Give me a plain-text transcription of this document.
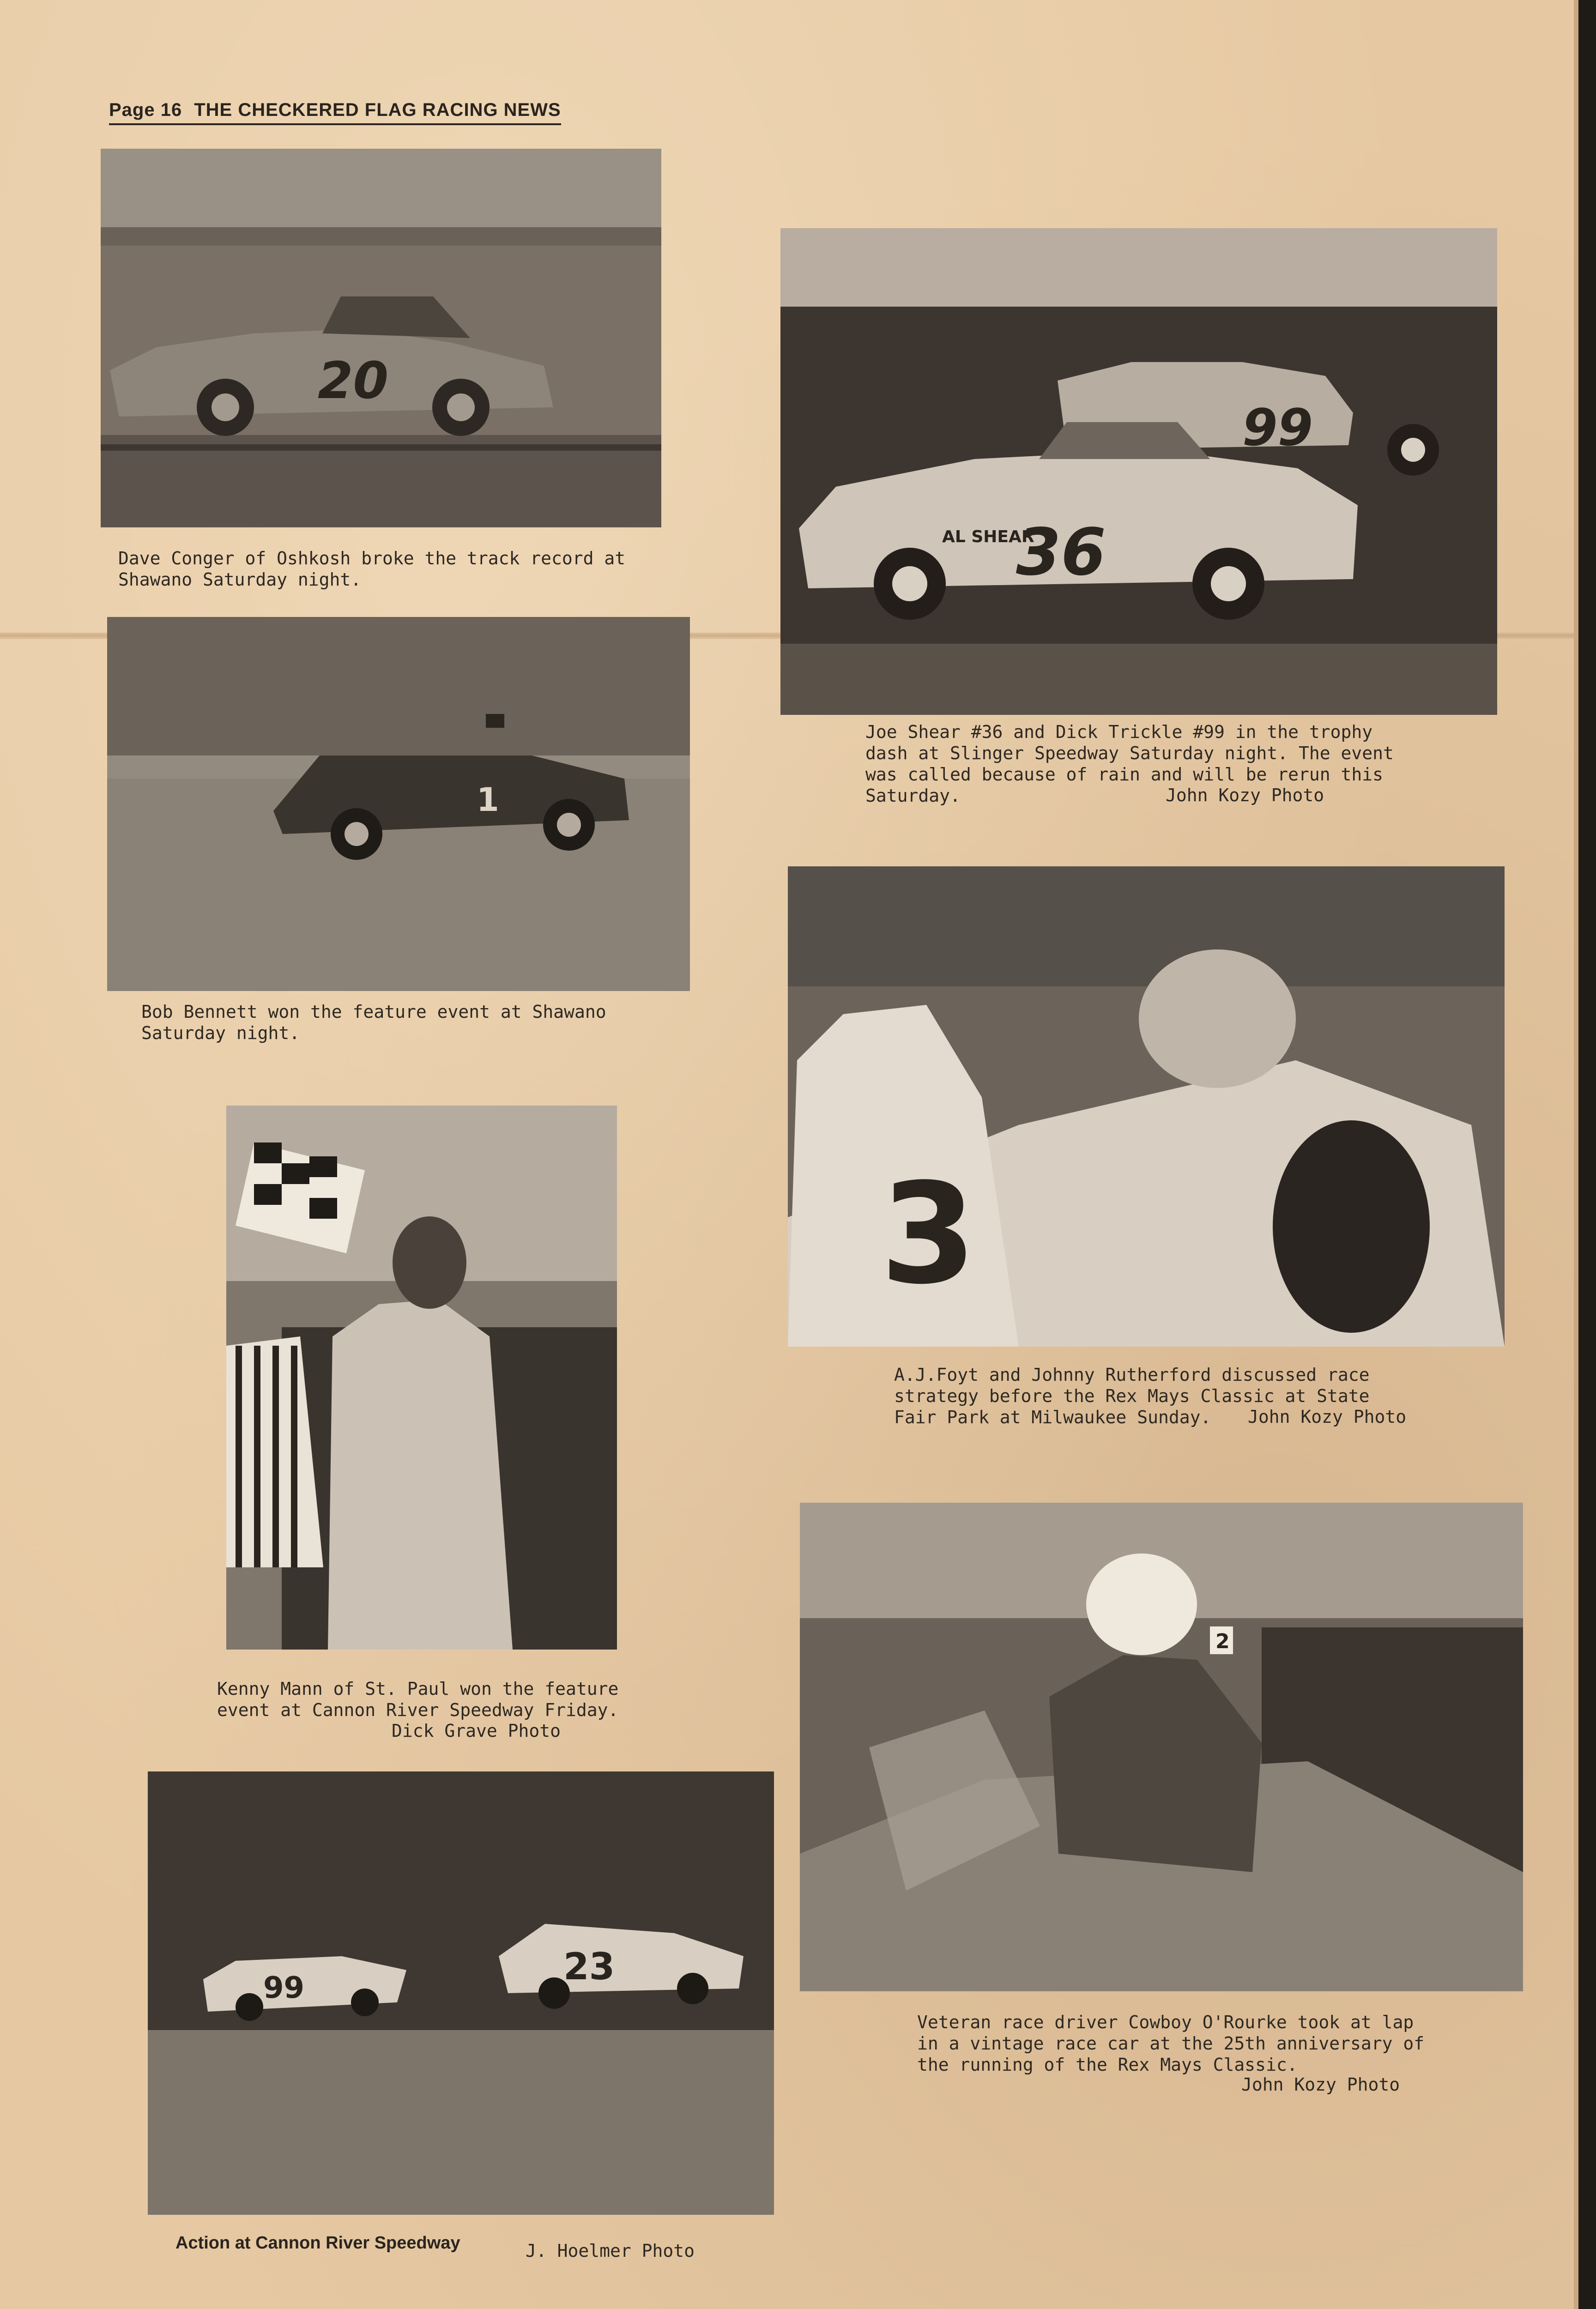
Page 16 THE CHECKERED FLAG RACING NEWS
20
Dave Conger of Oshkosh broke the track record at
Shawano Saturday night.
99
36
AL SHEAR
Joe Shear #36 and Dick Trickle #99 in the trophy
dash at Slinger Speedway Saturday night. The event
was called because of rain and will be rerun this
Saturday.	John Kozy Photo
1
Bob Bennett won the feature event at Shawano
Saturday night.
3
A.J.Foyt and Johnny Rutherford discussed race
strategy before the Rex Mays Classic at State
Fair Park at Milwaukee Sunday.	John Kozy Photo
Kenny Mann of St. Paul won the feature
event at Cannon River Speedway Friday.
Dick Grave Photo
2
Veteran race driver Cowboy O'Rourke took at lap
in a vintage race car at the 25th anniversary of
the running of the Rex Mays Classic.
John Kozy Photo
99	23
Action at Cannon River Speedway	J. Hoelmer Photo
